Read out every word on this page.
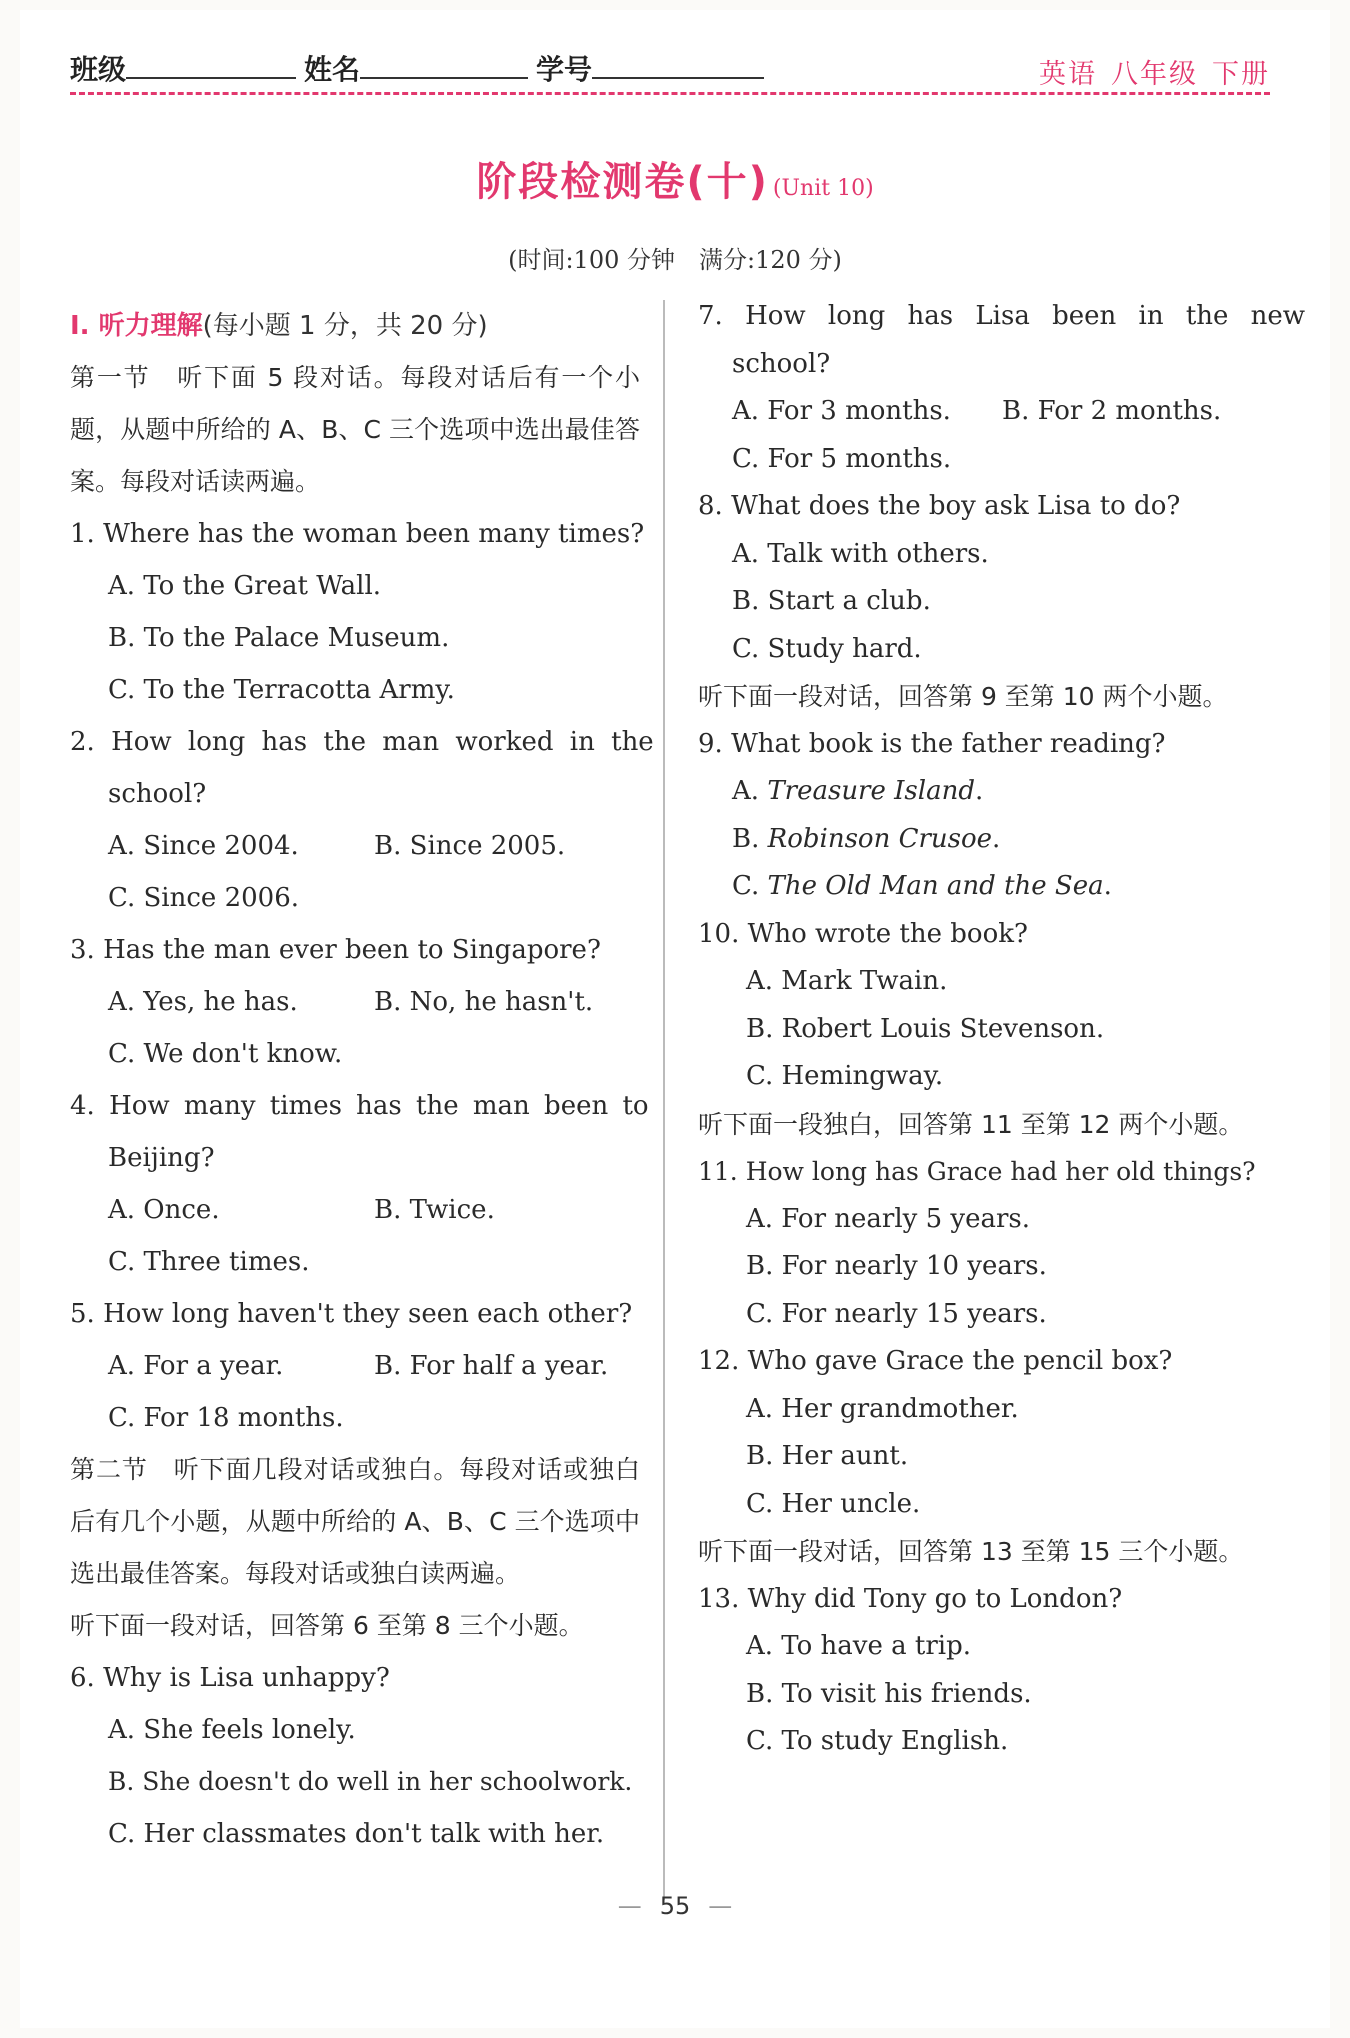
班级	姓名	学号	英语 八年级 下册
阶段检测卷(十) (Unit 10)
(时间:100 分钟　满分:120 分)

Ⅰ. 听力理解(每小题 1 分，共 20 分)

第一节　听下面 5 段对话。每段对话后有一个小题，从题中所给的 A、B、C 三个选项中选出最佳答案。每段对话读两遍。

1. Where has the woman been many times?

A. To the Great Wall.

B. To the Palace Museum.

C. To the Terracotta Army.

2. How long has the man worked in the

school?

A. Since 2004.	B. Since 2005.

C. Since 2006.

3. Has the man ever been to Singapore?

A. Yes, he has.	B. No, he hasn't.

C. We don't know.

4. How many times has the man been to

Beijing?

A. Once.	B. Twice.

C. Three times.

5. How long haven't they seen each other?

A. For a year.	B. For half a year.

C. For 18 months.

第二节　听下面几段对话或独白。每段对话或独白后有几个小题，从题中所给的 A、B、C 三个选项中选出最佳答案。每段对话或独白读两遍。

听下面一段对话，回答第 6 至第 8 三个小题。

6. Why is Lisa unhappy?

A. She feels lonely.

B. She doesn't do well in her schoolwork.

C. Her classmates don't talk with her.

7. How long has Lisa been in the new

school?

A. For 3 months.	B. For 2 months.

C. For 5 months.

8. What does the boy ask Lisa to do?

A. Talk with others.

B. Start a club.

C. Study hard.

听下面一段对话，回答第 9 至第 10 两个小题。

9. What book is the father reading?

A. Treasure Island.

B. Robinson Crusoe.

C. The Old Man and the Sea.

10. Who wrote the book?

A. Mark Twain.

B. Robert Louis Stevenson.

C. Hemingway.

听下面一段独白，回答第 11 至第 12 两个小题。

11. How long has Grace had her old things?

A. For nearly 5 years.

B. For nearly 10 years.

C. For nearly 15 years.

12. Who gave Grace the pencil box?

A. Her grandmother.

B. Her aunt.

C. Her uncle.

听下面一段对话，回答第 13 至第 15 三个小题。

13. Why did Tony go to London?

A. To have a trip.

B. To visit his friends.

C. To study English.

— 55 —
